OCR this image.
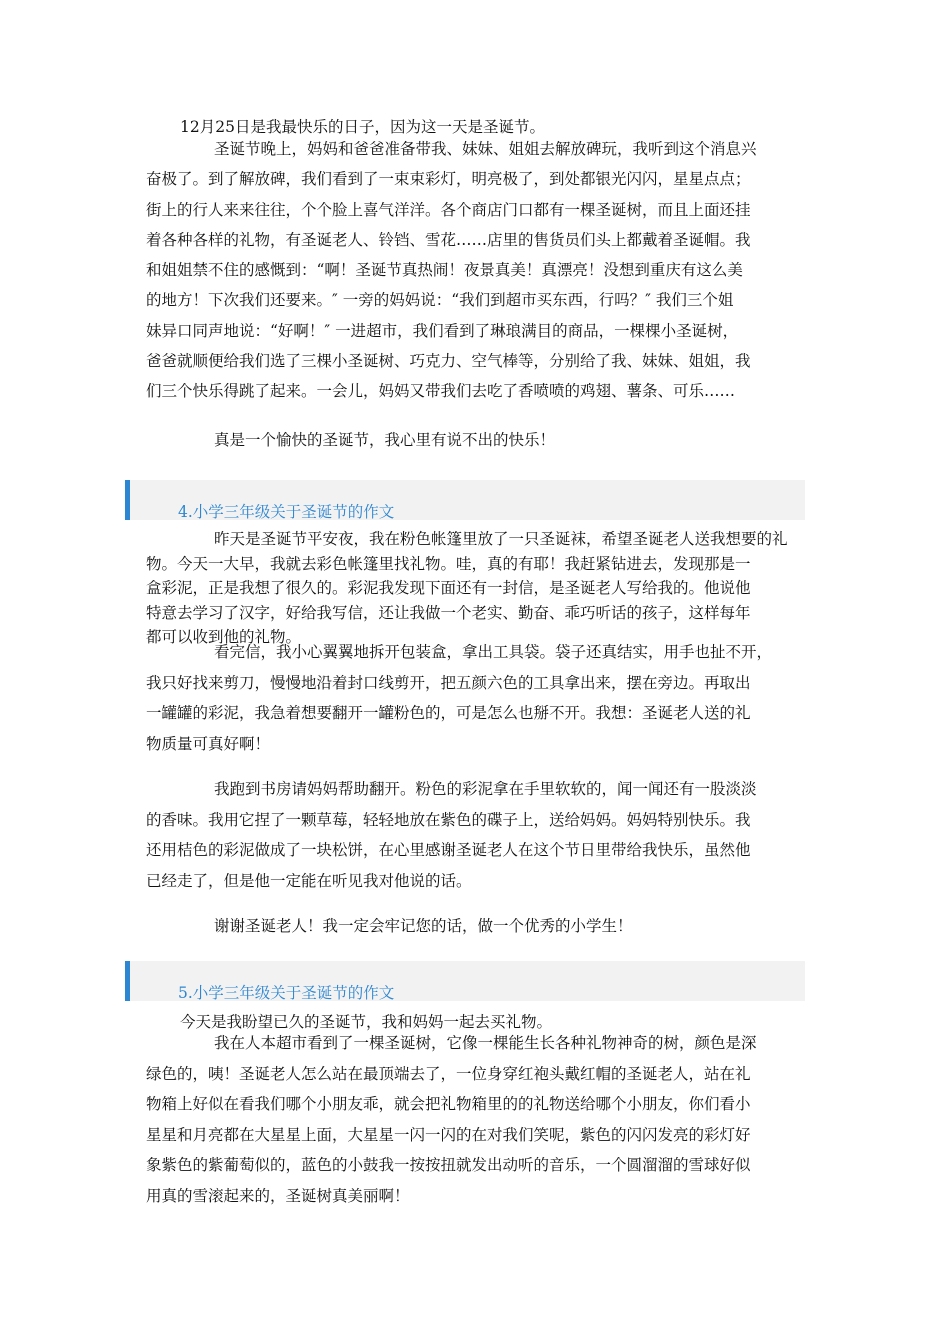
12月25日是我最快乐的日子，因为这一天是圣诞节。
圣诞节晚上，妈妈和爸爸准备带我、妹妹、姐姐去解放碑玩，我听到这个消息兴
奋极了。到了解放碑，我们看到了一束束彩灯，明亮极了，到处都银光闪闪，星星点点；
街上的行人来来往往，个个脸上喜气洋洋。各个商店门口都有一棵圣诞树，而且上面还挂
着各种各样的礼物，有圣诞老人、铃铛、雪花……店里的售货员们头上都戴着圣诞帽。我
和姐姐禁不住的感慨到：“啊！圣诞节真热闹！夜景真美！真漂亮！没想到重庆有这么美
的地方！下次我们还要来。″ 一旁的妈妈说：“我们到超市买东西，行吗？″ 我们三个姐
妹异口同声地说：“好啊！″ 一进超市，我们看到了琳琅满目的商品，一棵棵小圣诞树，
爸爸就顺便给我们选了三棵小圣诞树、巧克力、空气棒等，分别给了我、妹妹、姐姐，我
们三个快乐得跳了起来。一会儿，妈妈又带我们去吃了香喷喷的鸡翅、薯条、可乐……
真是一个愉快的圣诞节，我心里有说不出的快乐！
4.小学三年级关于圣诞节的作文
昨天是圣诞节平安夜，我在粉色帐篷里放了一只圣诞袜，希望圣诞老人送我想要的礼
物。今天一大早，我就去彩色帐篷里找礼物。哇，真的有耶！我赶紧钻进去，发现那是一
盒彩泥，正是我想了很久的。彩泥我发现下面还有一封信，是圣诞老人写给我的。他说他
特意去学习了汉字，好给我写信，还让我做一个老实、勤奋、乖巧听话的孩子，这样每年
都可以收到他的礼物。
看完信，我小心翼翼地拆开包装盒，拿出工具袋。袋子还真结实，用手也扯不开，
我只好找来剪刀，慢慢地沿着封口线剪开，把五颜六色的工具拿出来，摆在旁边。再取出
一罐罐的彩泥，我急着想要翻开一罐粉色的，可是怎么也掰不开。我想：圣诞老人送的礼
物质量可真好啊！
我跑到书房请妈妈帮助翻开。粉色的彩泥拿在手里软软的，闻一闻还有一股淡淡
的香味。我用它捏了一颗草莓，轻轻地放在紫色的碟子上，送给妈妈。妈妈特别快乐。我
还用桔色的彩泥做成了一块松饼，在心里感谢圣诞老人在这个节日里带给我快乐，虽然他
已经走了，但是他一定能在听见我对他说的话。
谢谢圣诞老人！我一定会牢记您的话，做一个优秀的小学生！
5.小学三年级关于圣诞节的作文
今天是我盼望已久的圣诞节，我和妈妈一起去买礼物。
我在人本超市看到了一棵圣诞树，它像一棵能生长各种礼物神奇的树，颜色是深
绿色的，咦！圣诞老人怎么站在最顶端去了，一位身穿红袍头戴红帽的圣诞老人，站在礼
物箱上好似在看我们哪个小朋友乖，就会把礼物箱里的的礼物送给哪个小朋友，你们看小
星星和月亮都在大星星上面，大星星一闪一闪的在对我们笑呢，紫色的闪闪发亮的彩灯好
象紫色的紫葡萄似的，蓝色的小鼓我一按按扭就发出动听的音乐，一个圆溜溜的雪球好似
用真的雪滚起来的，圣诞树真美丽啊！
